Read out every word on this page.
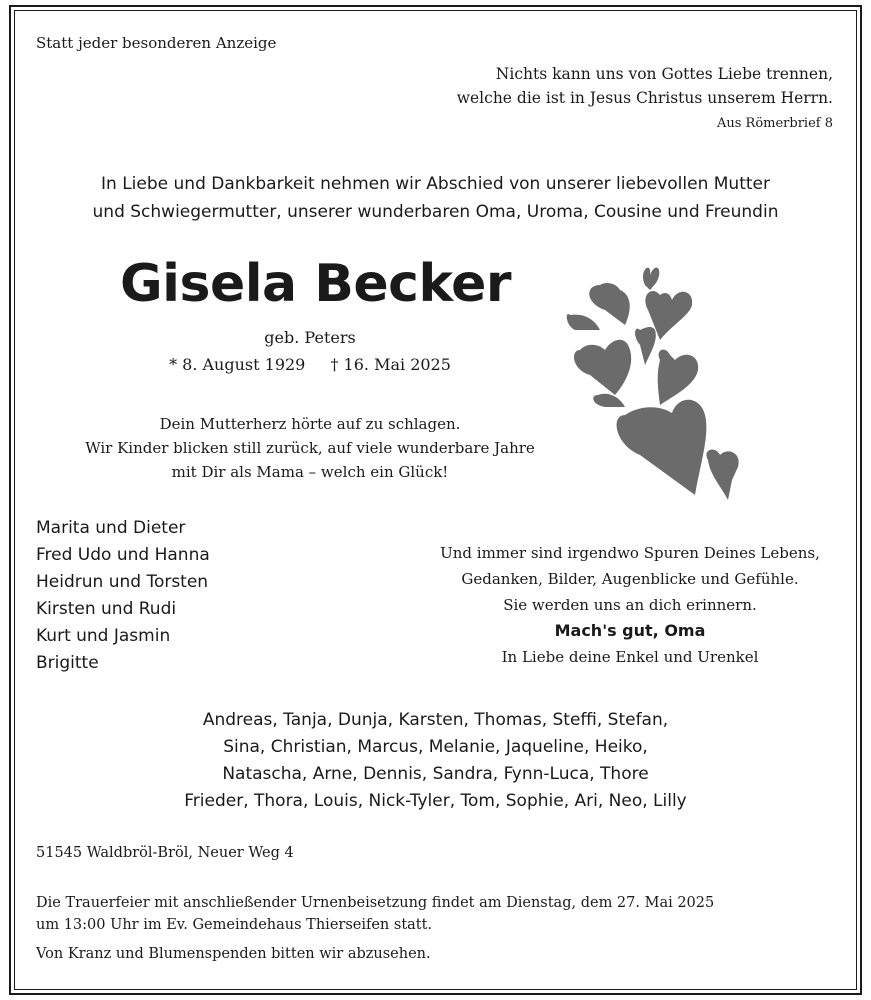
Statt jeder besonderen Anzeige
Nichts kann uns von Gottes Liebe trennen,
welche die ist in Jesus Christus unserem Herrn.
Aus Römerbrief 8
In Liebe und Dankbarkeit nehmen wir Abschied von unserer liebevollen Mutter
und Schwiegermutter, unserer wunderbaren Oma, Uroma, Cousine und Freundin
Gisela Becker
geb. Peters
* 8. August 1929 † 16. Mai 2025
Dein Mutterherz hörte auf zu schlagen.
Wir Kinder blicken still zurück, auf viele wunderbare Jahre
mit Dir als Mama – welch ein Glück!
Marita und Dieter
Fred Udo und Hanna
Heidrun und Torsten
Kirsten und Rudi
Kurt und Jasmin
Brigitte
Und immer sind irgendwo Spuren Deines Lebens,
Gedanken, Bilder, Augenblicke und Gefühle.
Sie werden uns an dich erinnern.
Mach's gut, Oma
In Liebe deine Enkel und Urenkel
Andreas, Tanja, Dunja, Karsten, Thomas, Steffi, Stefan,
Sina, Christian, Marcus, Melanie, Jaqueline, Heiko,
Natascha, Arne, Dennis, Sandra, Fynn-Luca, Thore
Frieder, Thora, Louis, Nick-Tyler, Tom, Sophie, Ari, Neo, Lilly
51545 Waldbröl-Bröl, Neuer Weg 4
Die Trauerfeier mit anschließender Urnenbeisetzung findet am Dienstag, dem 27. Mai 2025
um 13:00 Uhr im Ev. Gemeindehaus Thierseifen statt.
Von Kranz und Blumenspenden bitten wir abzusehen.
